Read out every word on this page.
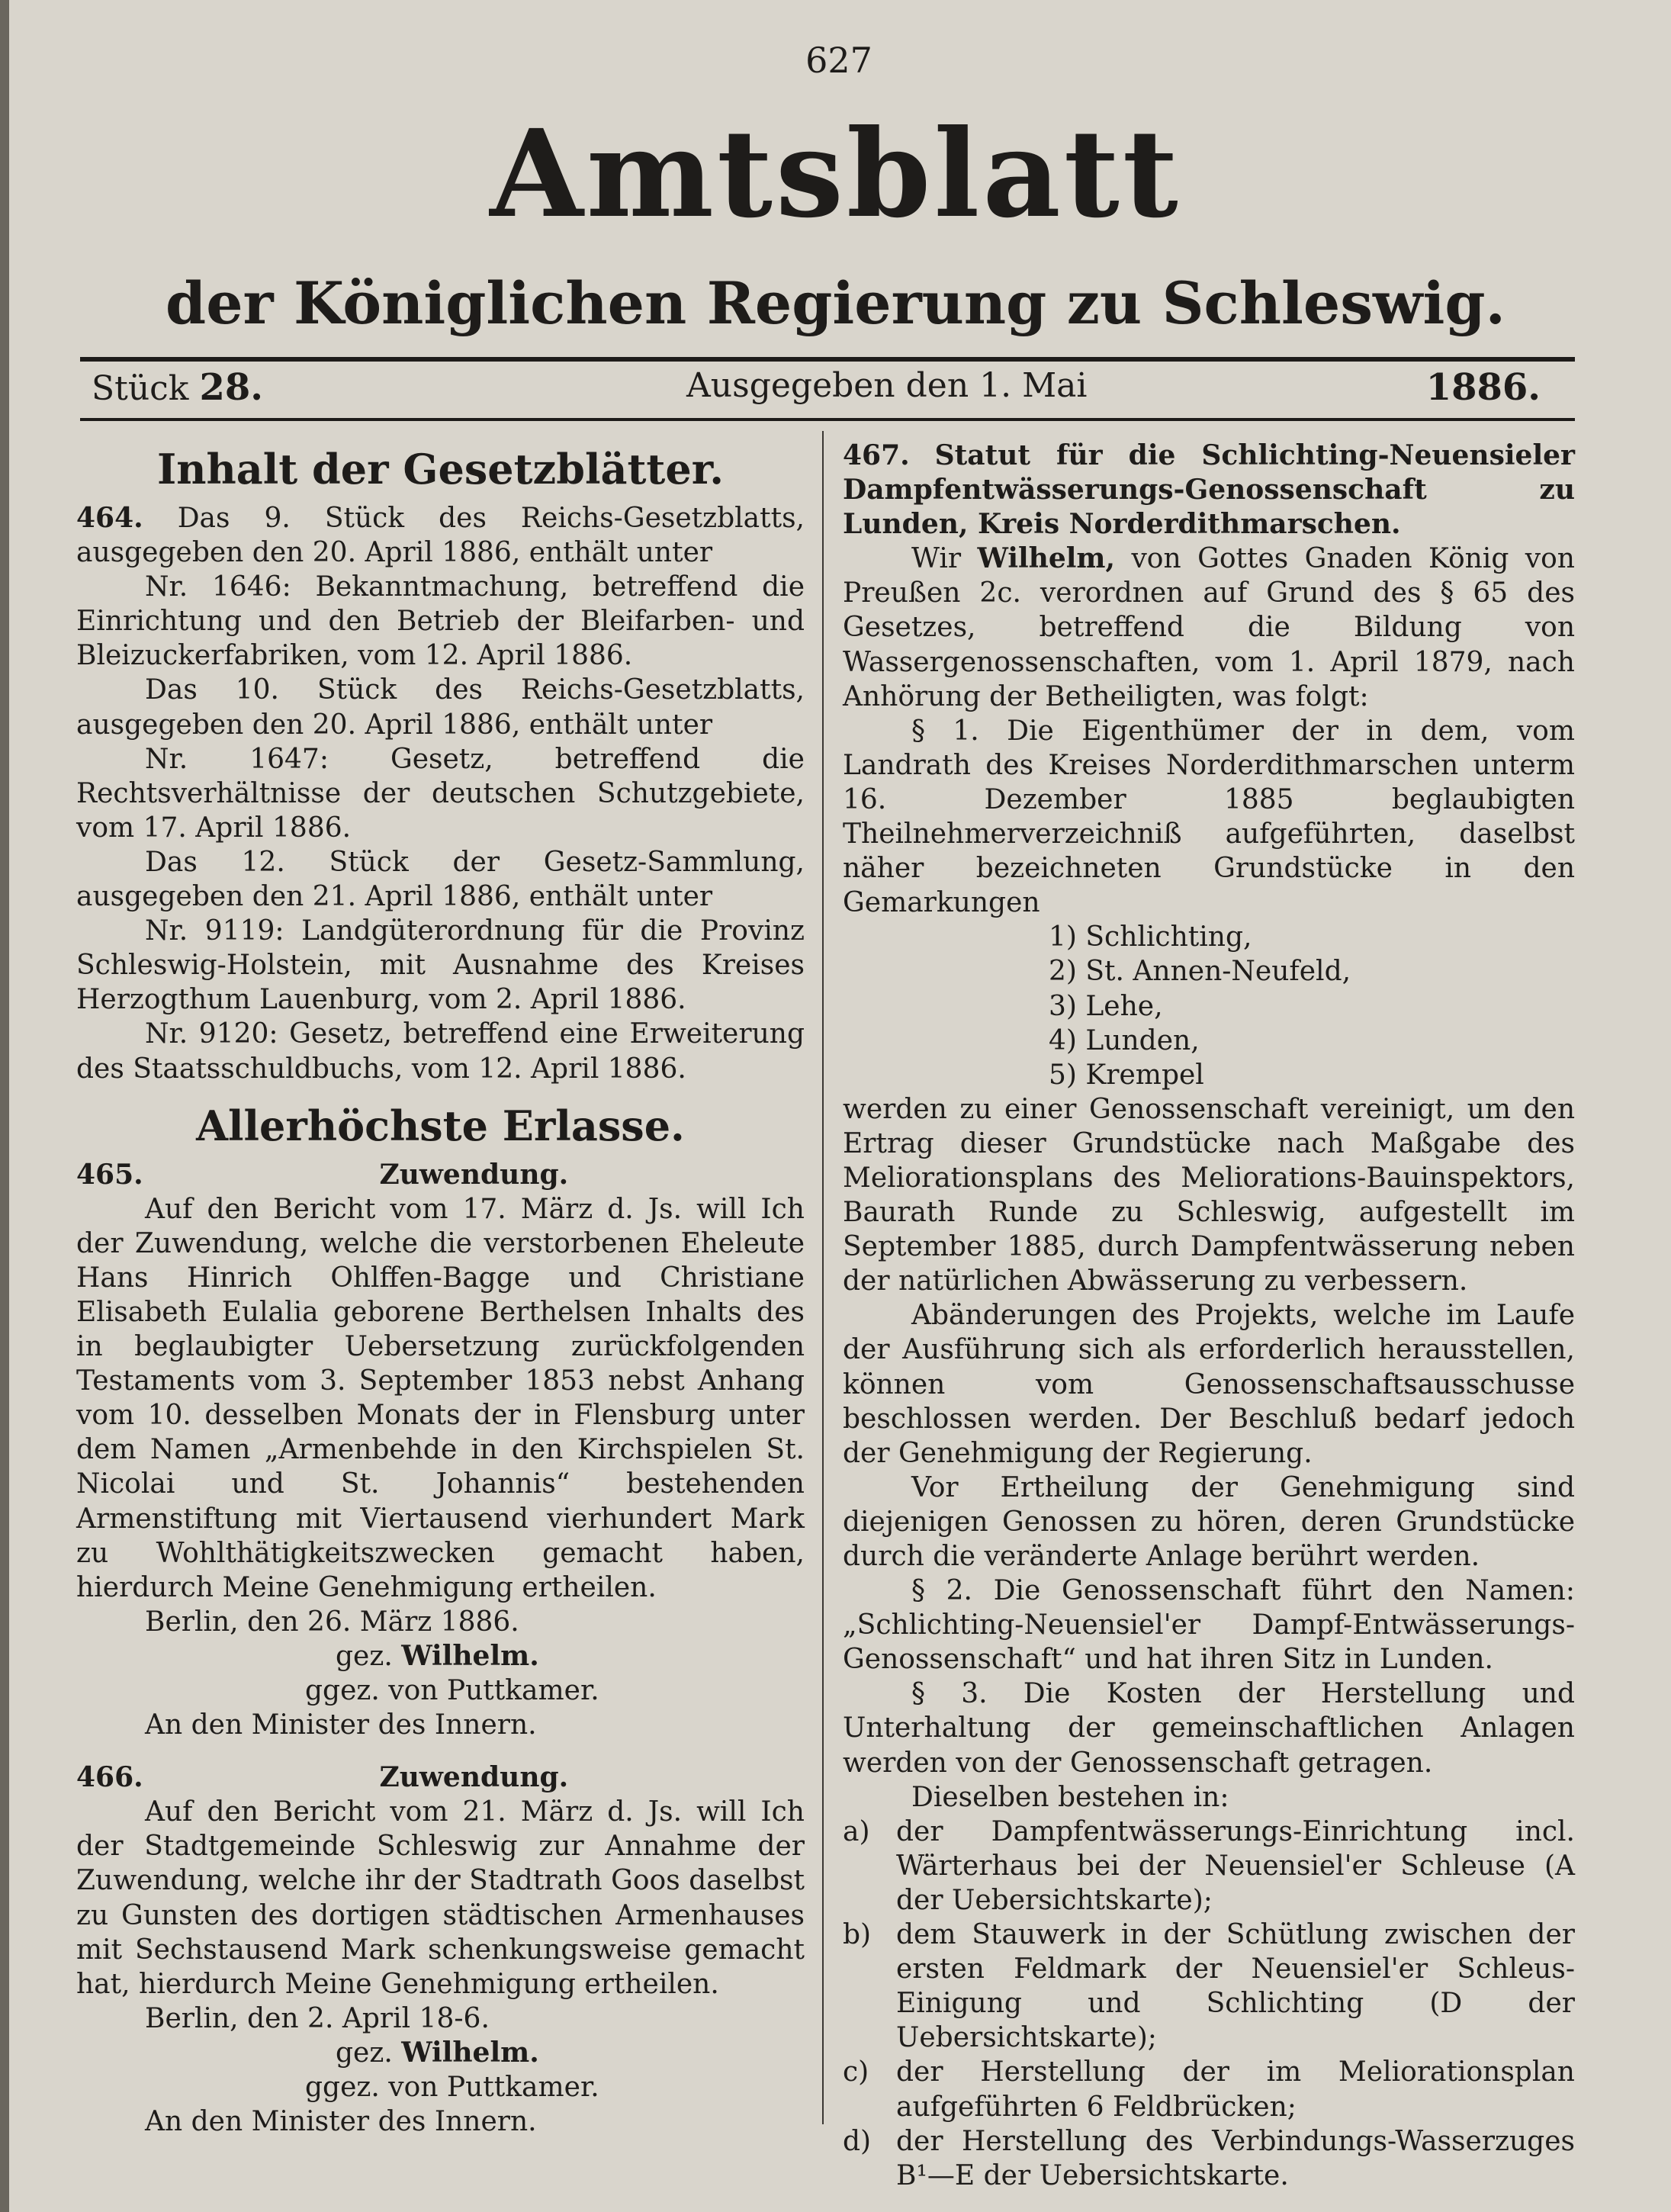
627
Amtsblatt
der Königlichen Regierung zu Schleswig.
Stück 28.	Ausgegeben den 1. Mai	1886.
Inhalt der Gesetzblätter.

464. Das 9. Stück des Reichs-Gesetzblatts, ausgegeben den 20. April 1886, enthält unter

Nr. 1646: Bekanntmachung, betreffend die Einrichtung und den Betrieb der Bleifarben- und Bleizuckerfabriken, vom 12. April 1886.

Das 10. Stück des Reichs-Gesetzblatts, ausgegeben den 20. April 1886, enthält unter

Nr. 1647: Gesetz, betreffend die Rechtsverhältnisse der deutschen Schutzgebiete, vom 17. April 1886.

Das 12. Stück der Gesetz-Sammlung, ausgegeben den 21. April 1886, enthält unter

Nr. 9119: Landgüterordnung für die Provinz Schleswig-Holstein, mit Ausnahme des Kreises Herzogthum Lauenburg, vom 2. April 1886.

Nr. 9120: Gesetz, betreffend eine Erweiterung des Staatsschuldbuchs, vom 12. April 1886.

Allerhöchste Erlasse.
465.	Zuwendung.

Auf den Bericht vom 17. März d. Js. will Ich der Zuwendung, welche die verstorbenen Eheleute Hans Hinrich Ohlffen-Bagge und Christiane Elisabeth Eulalia geborene Berthelsen Inhalts des in beglaubigter Uebersetzung zurückfolgenden Testaments vom 3. September 1853 nebst Anhang vom 10. desselben Monats der in Flensburg unter dem Namen „Armenbehde in den Kirchspielen St. Nicolai und St. Johannis“ bestehenden Armenstiftung mit Viertausend vierhundert Mark zu Wohlthätigkeitszwecken gemacht haben, hierdurch Meine Genehmigung ertheilen.

Berlin, den 26. März 1886.

gez. Wilhelm.

ggez. von Puttkamer.

An den Minister des Innern.

466.	Zuwendung.

Auf den Bericht vom 21. März d. Js. will Ich der Stadtgemeinde Schleswig zur Annahme der Zuwendung, welche ihr der Stadtrath Goos daselbst zu Gunsten des dortigen städtischen Armenhauses mit Sechstausend Mark schenkungsweise gemacht hat, hierdurch Meine Genehmigung ertheilen.

Berlin, den 2. April 18-6.

gez. Wilhelm.

ggez. von Puttkamer.

An den Minister des Innern.

467. Statut für die Schlichting-Neuensieler Dampfentwässerungs-Genossenschaft zu Lunden, Kreis Norderdithmarschen.

Wir Wilhelm, von Gottes Gnaden König von Preußen 2c. verordnen auf Grund des § 65 des Gesetzes, betreffend die Bildung von Wassergenossenschaften, vom 1. April 1879, nach Anhörung der Betheiligten, was folgt:

§ 1. Die Eigenthümer der in dem, vom Landrath des Kreises Norderdithmarschen unterm 16. Dezember 1885 beglaubigten Theilnehmerverzeichniß aufgeführten, daselbst näher bezeichneten Grundstücke in den Gemarkungen

1) Schlichting,

2) St. Annen-Neufeld,

3) Lehe,

4) Lunden,

5) Krempel

werden zu einer Genossenschaft vereinigt, um den Ertrag dieser Grundstücke nach Maßgabe des Meliorationsplans des Meliorations-Bauinspektors, Baurath Runde zu Schleswig, aufgestellt im September 1885, durch Dampfentwässerung neben der natürlichen Abwässerung zu verbessern.

Abänderungen des Projekts, welche im Laufe der Ausführung sich als erforderlich herausstellen, können vom Genossenschaftsausschusse beschlossen werden. Der Beschluß bedarf jedoch der Genehmigung der Regierung.

Vor Ertheilung der Genehmigung sind diejenigen Genossen zu hören, deren Grundstücke durch die veränderte Anlage berührt werden.

§ 2. Die Genossenschaft führt den Namen: „Schlichting-Neuensiel'er Dampf-Entwässerungs-Genossenschaft“ und hat ihren Sitz in Lunden.

§ 3. Die Kosten der Herstellung und Unterhaltung der gemeinschaftlichen Anlagen werden von der Genossenschaft getragen.

Dieselben bestehen in:

a) der Dampfentwässerungs-Einrichtung incl. Wärterhaus bei der Neuensiel'er Schleuse (A der Uebersichtskarte);
b) dem Stauwerk in der Schütlung zwischen der ersten Feldmark der Neuensiel'er Schleus-Einigung und Schlichting (D der Uebersichtskarte);
c) der Herstellung der im Meliorationsplan aufgeführten 6 Feldbrücken;
d) der Herstellung des Verbindungs-Wasserzuges B¹—E der Uebersichtskarte.
